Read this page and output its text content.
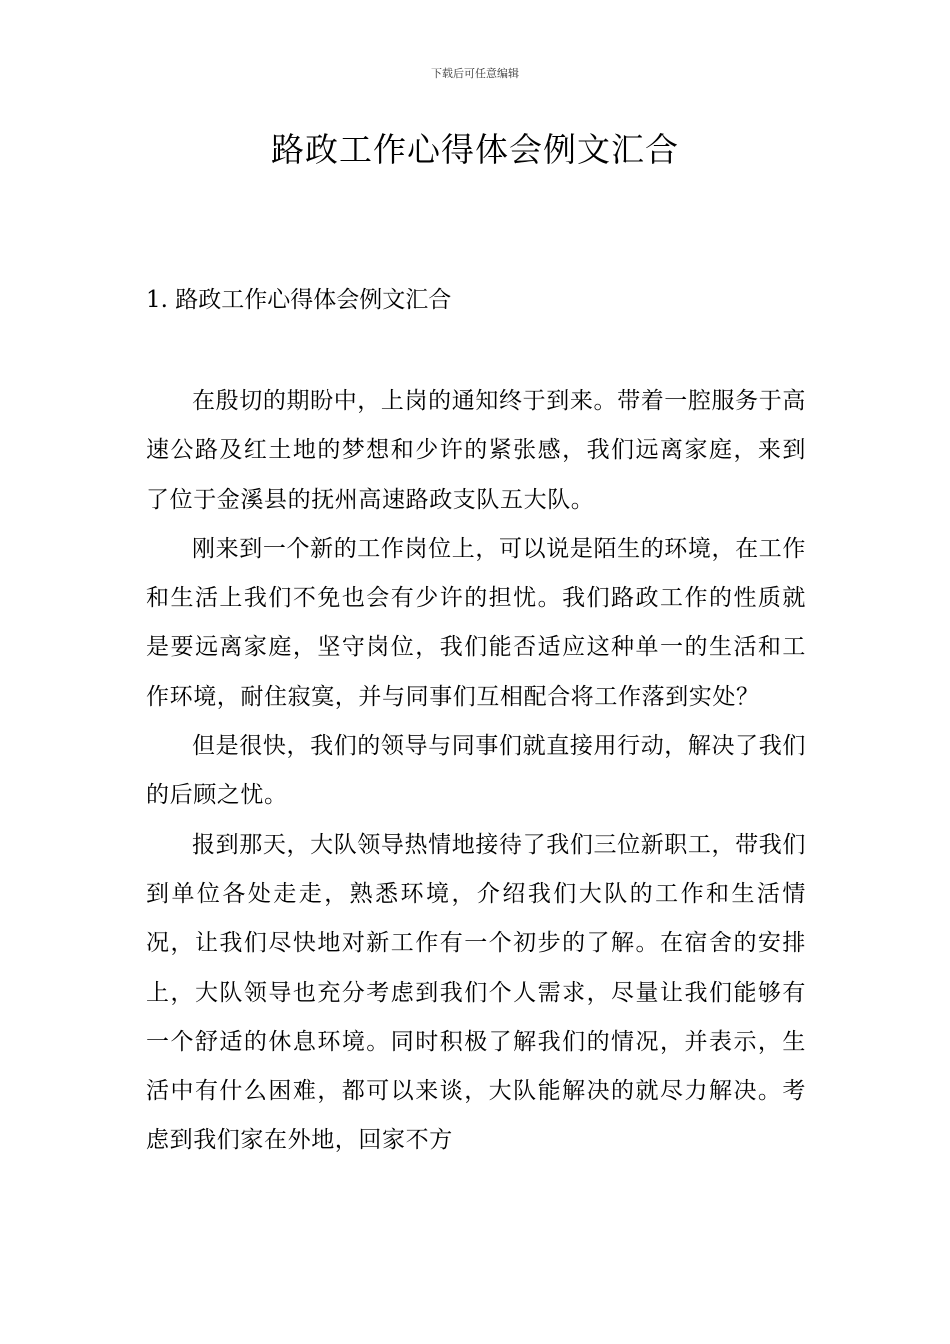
下载后可任意编辑
路政工作心得体会例文汇合
1. 路政工作心得体会例文汇合

在殷切的期盼中，上岗的通知终于到来。带着一腔服务于高速公路及红土地的梦想和少许的紧张感，我们远离家庭，来到了位于金溪县的抚州高速路政支队五大队。

刚来到一个新的工作岗位上，可以说是陌生的环境，在工作和生活上我们不免也会有少许的担忧。我们路政工作的性质就是要远离家庭，坚守岗位，我们能否适应这种单一的生活和工作环境，耐住寂寞，并与同事们互相配合将工作落到实处？

但是很快，我们的领导与同事们就直接用行动，解决了我们的后顾之忧。

报到那天，大队领导热情地接待了我们三位新职工，带我们到单位各处走走，熟悉环境，介绍我们大队的工作和生活情况，让我们尽快地对新工作有一个初步的了解。在宿舍的安排上，大队领导也充分考虑到我们个人需求，尽量让我们能够有一个舒适的休息环境。同时积极了解我们的情况，并表示，生活中有什么困难，都可以来谈，大队能解决的就尽力解决。考虑到我们家在外地，回家不方
